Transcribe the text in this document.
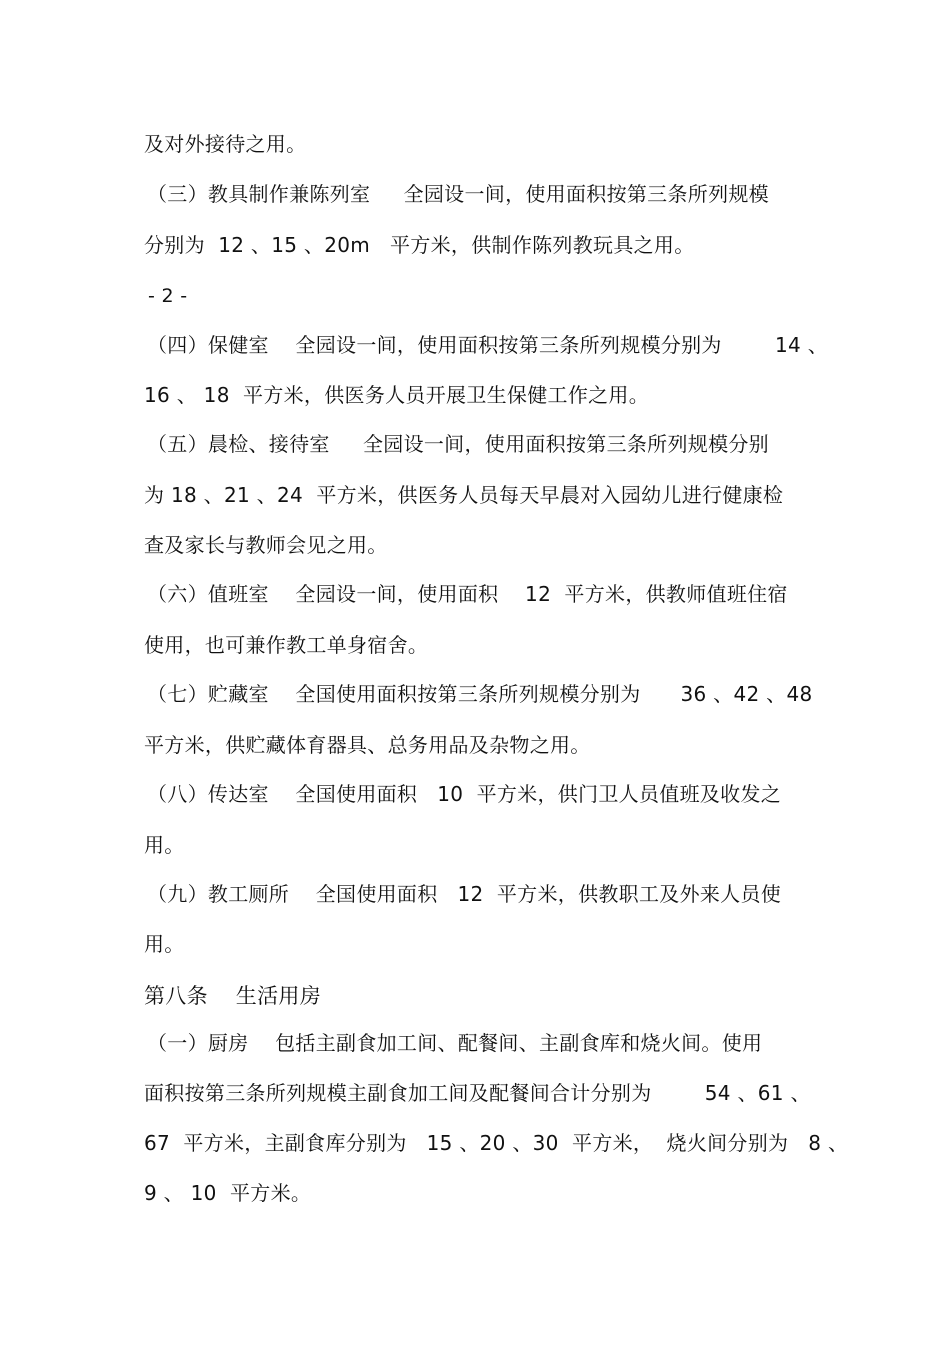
及对外接待之用。
（三）教具制作兼陈列室     全园设一间，使用面积按第三条所列规模
分别为  12 、15 、20m   平方米，供制作陈列教玩具之用。
- 2 -
（四）保健室    全园设一间，使用面积按第三条所列规模分别为        14 、
16 、 18  平方米，供医务人员开展卫生保健工作之用。
（五）晨检、接待室     全园设一间，使用面积按第三条所列规模分别
为 18 、21 、24  平方米，供医务人员每天早晨对入园幼儿进行健康检
查及家长与教师会见之用。
（六）值班室    全园设一间，使用面积    12  平方米，供教师值班住宿
使用，也可兼作教工单身宿舍。
（七）贮藏室    全国使用面积按第三条所列规模分别为      36 、42 、48
平方米，供贮藏体育器具、总务用品及杂物之用。
（八）传达室    全国使用面积   10  平方米，供门卫人员值班及收发之
用。
（九）教工厕所    全国使用面积   12  平方米，供教职工及外来人员使
用。
第八条    生活用房
（一）厨房    包括主副食加工间、配餐间、主副食库和烧火间。使用
面积按第三条所列规模主副食加工间及配餐间合计分别为        54 、61 、
67  平方米，主副食库分别为   15 、20 、30  平方米，  烧火间分别为   8 、
9 、 10  平方米。
